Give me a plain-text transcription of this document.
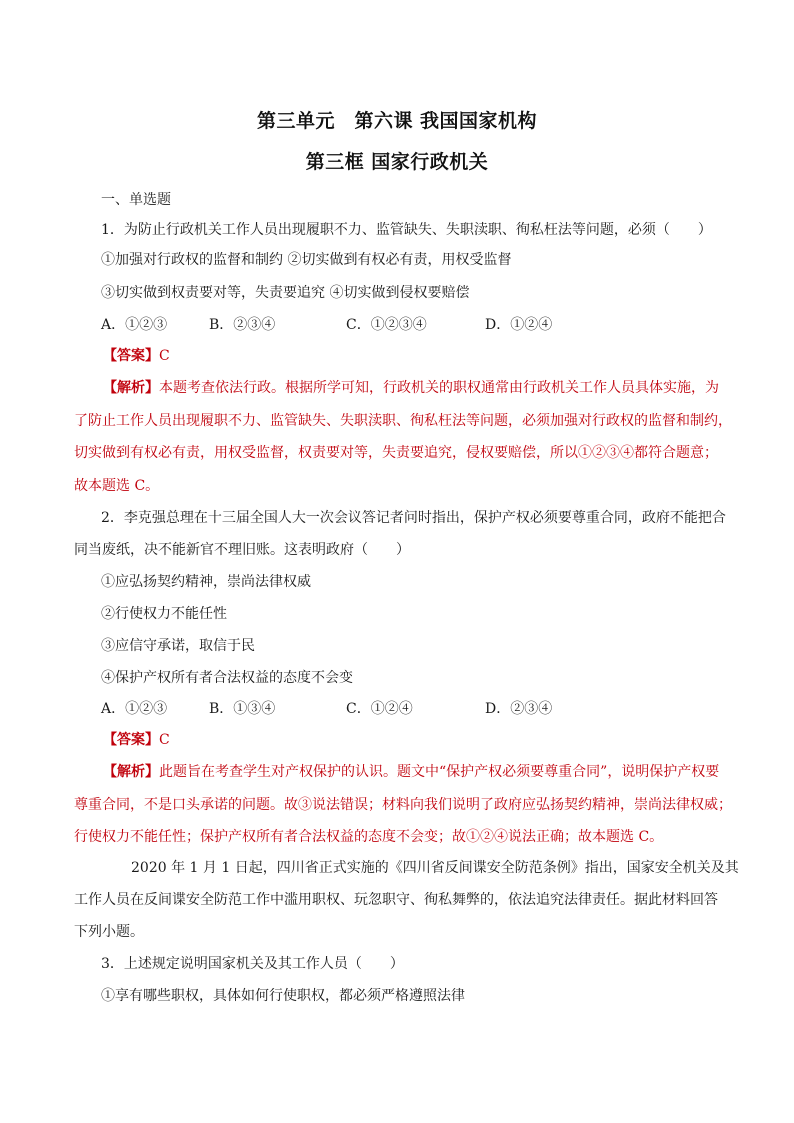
第三单元　第六课 我国国家机构
第三框 国家行政机关
一、单选题
1．为防止行政机关工作人员出现履职不力、监管缺失、失职渎职、徇私枉法等问题，必须（　　）
①加强对行政权的监督和制约 ②切实做到有权必有责，用权受监督
③切实做到权责要对等，失责要追究 ④切实做到侵权要赔偿
A．①②③	B．②③④	C．①②③④	D．①②④
【答案】C
【解析】本题考查依法行政。根据所学可知，行政机关的职权通常由行政机关工作人员具体实施，为
了防止工作人员出现履职不力、监管缺失、失职渎职、徇私枉法等问题，必须加强对行政权的监督和制约，
切实做到有权必有责，用权受监督，权责要对等，失责要追究，侵权要赔偿，所以①②③④都符合题意；
故本题选 C。
2．李克强总理在十三届全国人大一次会议答记者问时指出，保护产权必须要尊重合同，政府不能把合
同当废纸，决不能新官不理旧账。这表明政府（　　）
①应弘扬契约精神，崇尚法律权威
②行使权力不能任性
③应信守承诺，取信于民
④保护产权所有者合法权益的态度不会变
A．①②③	B．①③④	C．①②④	D．②③④
【答案】C
【解析】此题旨在考查学生对产权保护的认识。题文中“保护产权必须要尊重合同”，说明保护产权要
尊重合同，不是口头承诺的问题。故③说法错误；材料向我们说明了政府应弘扬契约精神，崇尚法律权威；
行使权力不能任性；保护产权所有者合法权益的态度不会变；故①②④说法正确；故本题选 C。
2020 年 1 月 1 日起，四川省正式实施的《四川省反间谍安全防范条例》指出，国家安全机关及其
工作人员在反间谍安全防范工作中滥用职权、玩忽职守、徇私舞弊的，依法追究法律责任。据此材料回答
下列小题。
3．上述规定说明国家机关及其工作人员（　　）
①享有哪些职权，具体如何行使职权，都必须严格遵照法律
